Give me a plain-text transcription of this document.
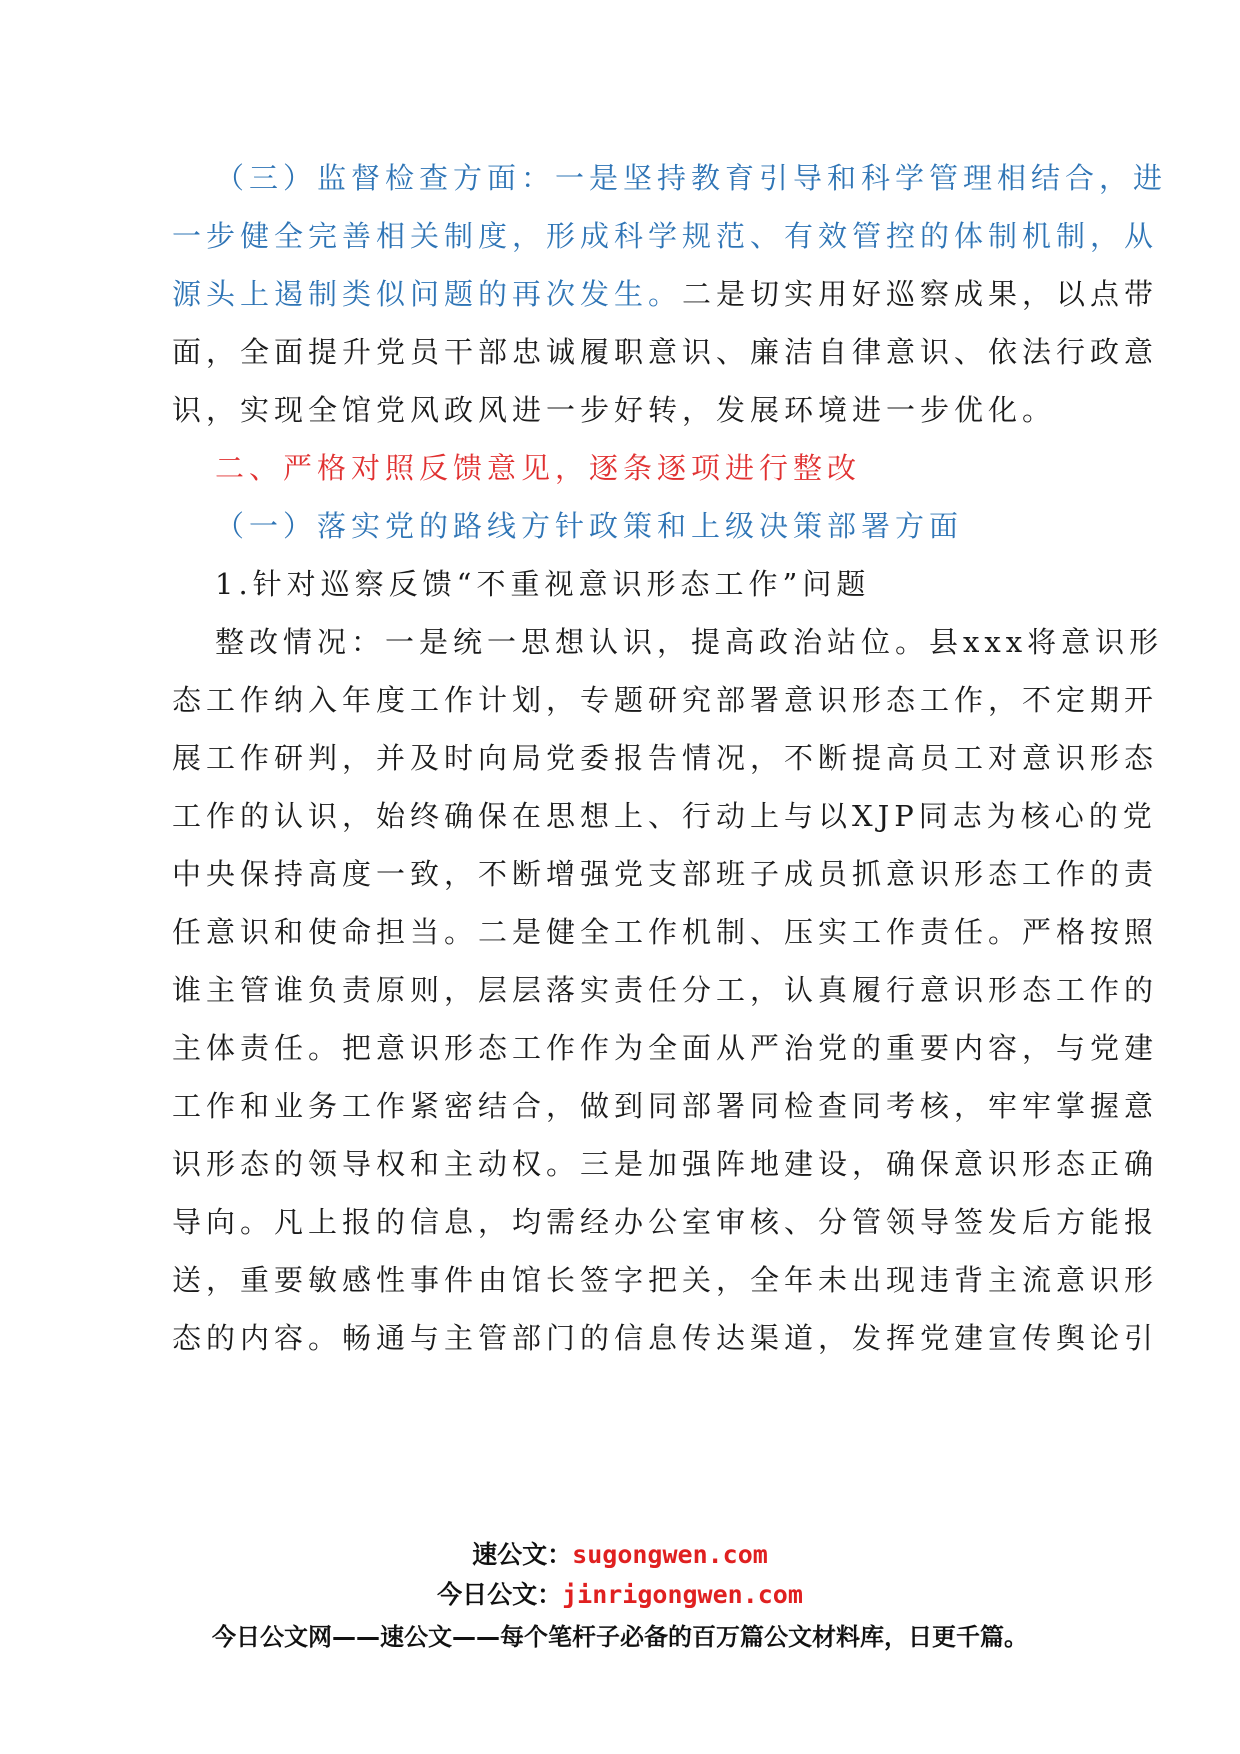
（三）监督检查方面：一是坚持教育引导和科学管理相结合，进
一步健全完善相关制度，形成科学规范、有效管控的体制机制，从
源头上遏制类似问题的再次发生。二是切实用好巡察成果，以点带
面，全面提升党员干部忠诚履职意识、廉洁自律意识、依法行政意
识，实现全馆党风政风进一步好转，发展环境进一步优化。
二、严格对照反馈意见，逐条逐项进行整改
（一）落实党的路线方针政策和上级决策部署方面
1.针对巡察反馈“不重视意识形态工作”问题
整改情况：一是统一思想认识，提高政治站位。县xxx将意识形
态工作纳入年度工作计划，专题研究部署意识形态工作，不定期开
展工作研判，并及时向局党委报告情况，不断提高员工对意识形态
工作的认识，始终确保在思想上、行动上与以XJP同志为核心的党
中央保持高度一致，不断增强党支部班子成员抓意识形态工作的责
任意识和使命担当。二是健全工作机制、压实工作责任。严格按照
谁主管谁负责原则，层层落实责任分工，认真履行意识形态工作的
主体责任。把意识形态工作作为全面从严治党的重要内容，与党建
工作和业务工作紧密结合，做到同部署同检查同考核，牢牢掌握意
识形态的领导权和主动权。三是加强阵地建设，确保意识形态正确
导向。凡上报的信息，均需经办公室审核、分管领导签发后方能报
送，重要敏感性事件由馆长签字把关，全年未出现违背主流意识形
态的内容。畅通与主管部门的信息传达渠道，发挥党建宣传舆论引
速公文：sugongwen.com
今日公文：jinrigongwen.com
今日公文网——速公文——每个笔杆子必备的百万篇公文材料库，日更千篇。
